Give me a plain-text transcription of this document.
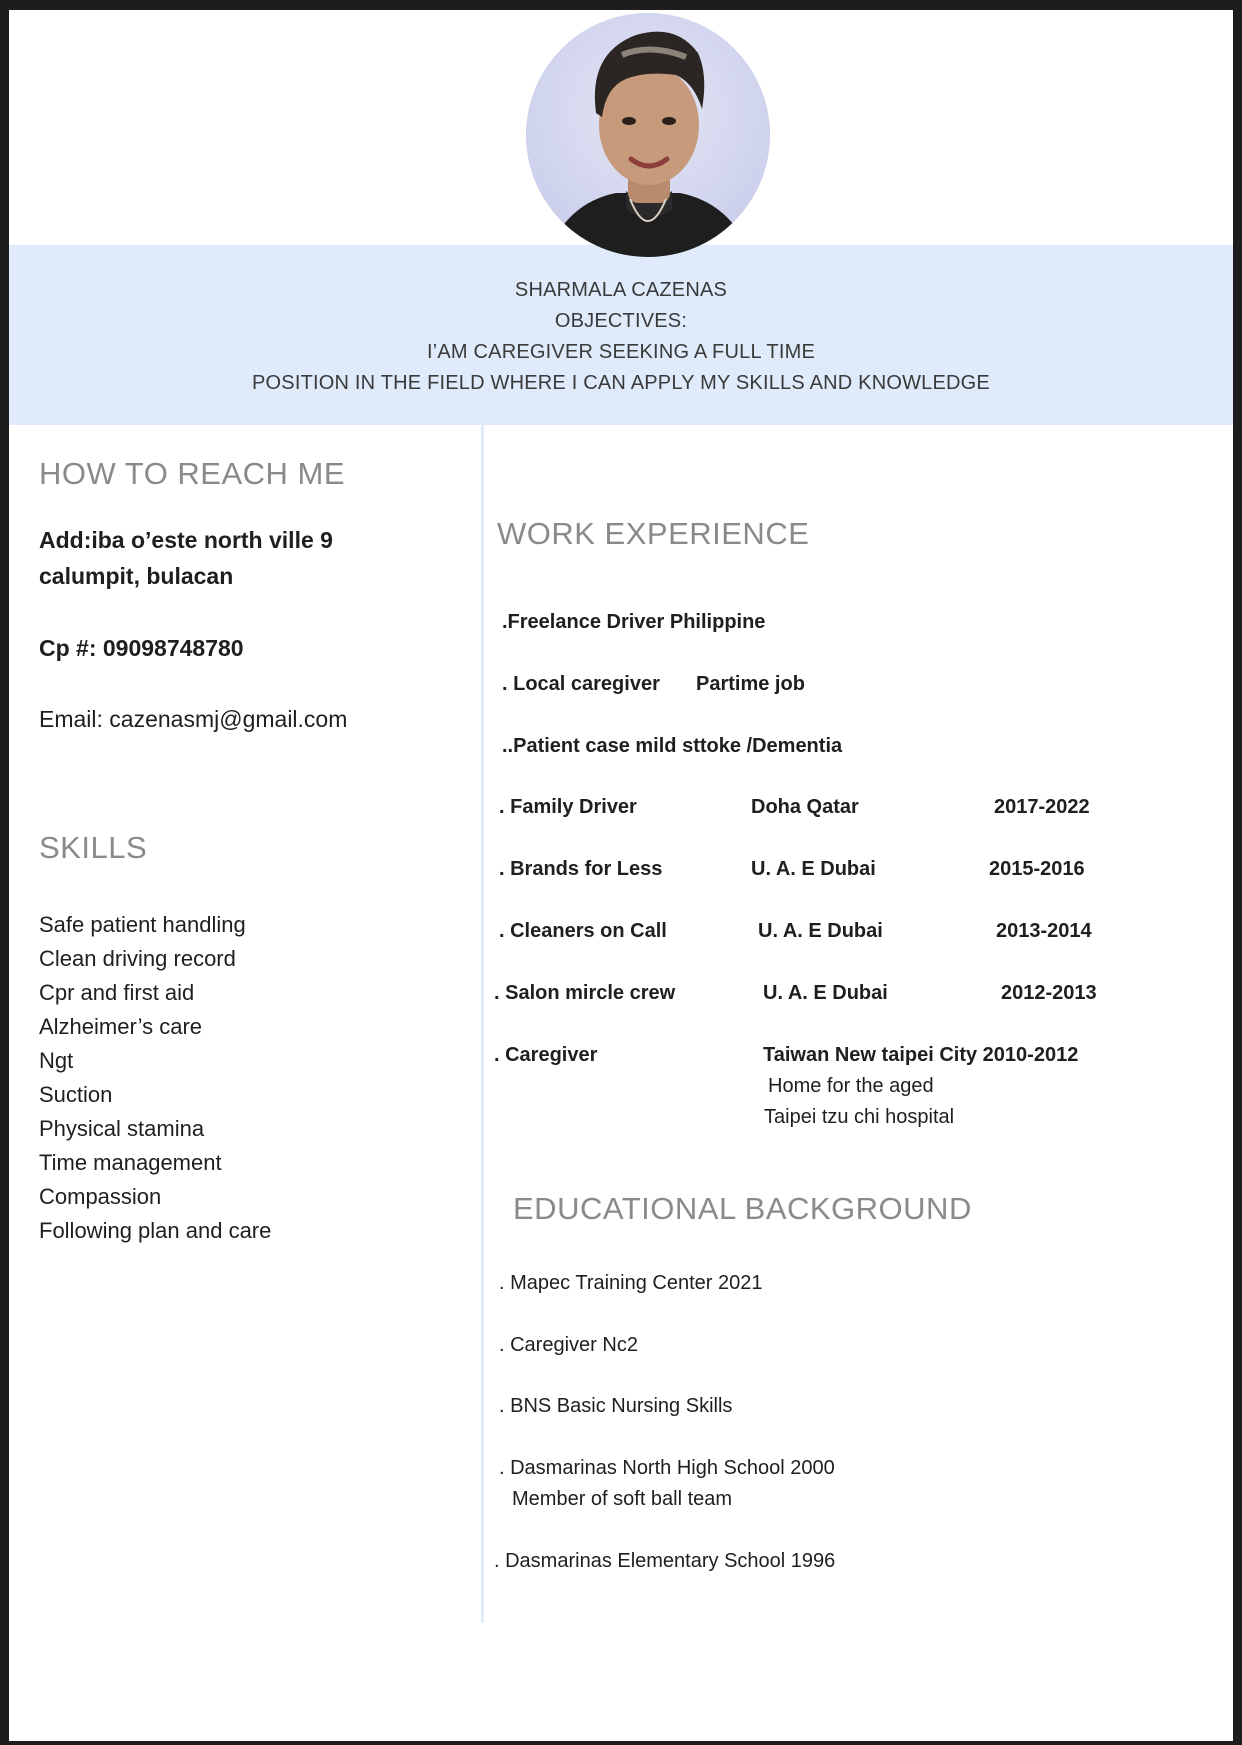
SHARMALA CAZENAS
OBJECTIVES:
I’AM CAREGIVER SEEKING A FULL TIME
POSITION IN THE FIELD WHERE I CAN APPLY MY SKILLS AND KNOWLEDGE
HOW TO REACH ME
Add:iba o’este north ville 9
calumpit, bulacan
Cp #: 09098748780
Email: cazenasmj@gmail.com
SKILLS
Safe patient handling
Clean driving record
Cpr and first aid
Alzheimer’s care
Ngt
Suction
Physical stamina
Time management
Compassion
Following plan and care
WORK EXPERIENCE
.Freelance Driver Philippine
. Local caregiver Partime job
..Patient case mild sttoke /Dementia
. Family Driver	Doha Qatar	2017-2022
. Brands for Less	U. A. E Dubai	2015-2016
. Cleaners on Call	U. A. E Dubai	2013-2014
. Salon mircle crew	U. A. E Dubai	2012-2013
. Caregiver	Taiwan New taipei City 2010-2012
Home for the aged
Taipei tzu chi hospital
EDUCATIONAL BACKGROUND
. Mapec Training Center 2021
. Caregiver Nc2
. BNS Basic Nursing Skills
. Dasmarinas North High School 2000
Member of soft ball team
. Dasmarinas Elementary School 1996
